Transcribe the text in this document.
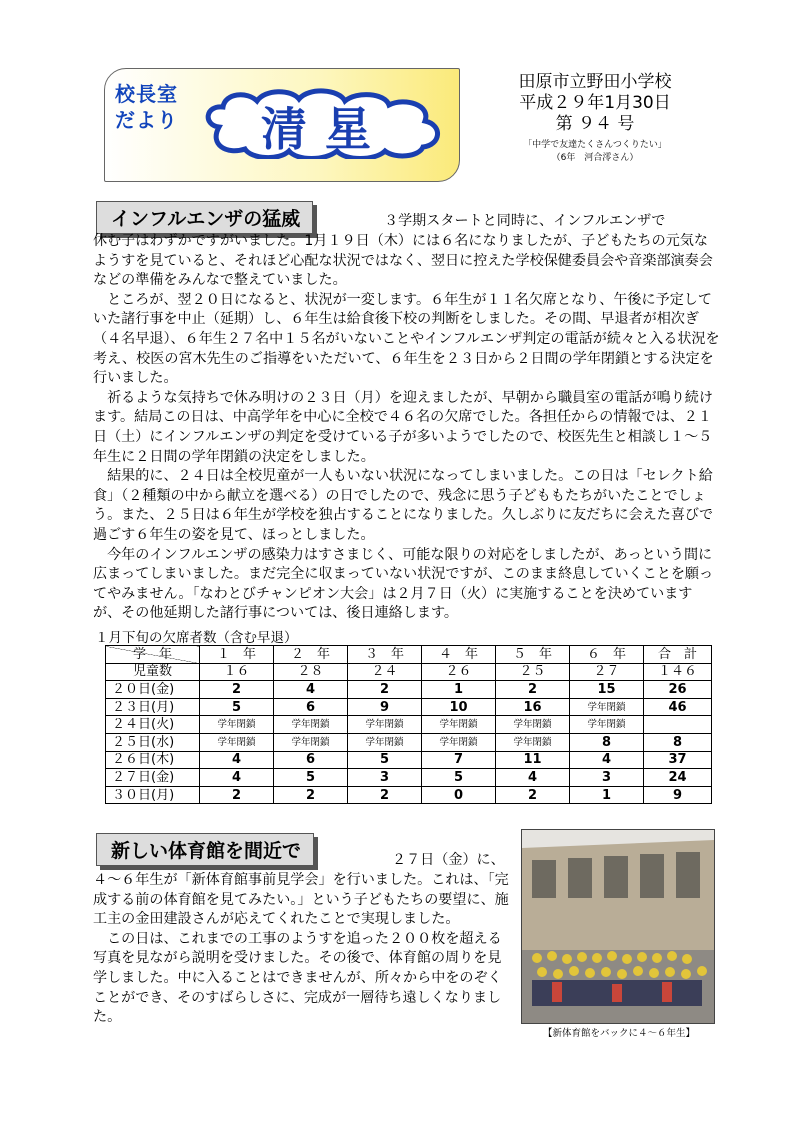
校長室だより	清星
田原市立野田小学校
平成２９年1月30日
第 ９４ 号
「中学で友達たくさんつくりたい」
（6年　河合澪さん）
インフルエンザの猛威	３学期スタートと同時に、インフルエンザで

休む子はわずかですがいました。1月１９日（木）には６名になりましたが、子どもたちの元気なようすを見ていると、それほど心配な状況ではなく、翌日に控えた学校保健委員会や音楽部演奏会などの準備をみんなで整えていました。

ところが、翌２０日になると、状況が一変します。６年生が１１名欠席となり、午後に予定していた諸行事を中止（延期）し、６年生は給食後下校の判断をしました。その間、早退者が相次ぎ（４名早退）、６年生２７名中１５名がいないことやインフルエンザ判定の電話が続々と入る状況を考え、校医の宮木先生のご指導をいただいて、６年生を２３日から２日間の学年閉鎖とする決定を行いました。

祈るような気持ちで休み明けの２３日（月）を迎えましたが、早朝から職員室の電話が鳴り続けます。結局この日は、中高学年を中心に全校で４６名の欠席でした。各担任からの情報では、２１日（土）にインフルエンザの判定を受けている子が多いようでしたので、校医先生と相談し１～５年生に２日間の学年閉鎖の決定をしました。

結果的に、２４日は全校児童が一人もいない状況になってしまいました。この日は「セレクト給食」（２種類の中から献立を選べる）の日でしたので、残念に思う子どももたちがいたことでしょう。また、２５日は６年生が学校を独占することになりました。久しぶりに友だちに会えた喜びで過ごす６年生の姿を見て、ほっとしました。

今年のインフルエンザの感染力はすさまじく、可能な限りの対応をしましたが、あっという間に広まってしまいました。まだ完全に収まっていない状況ですが、このまま終息していくことを願ってやみません。「なわとびチャンピオン大会」は２月７日（火）に実施することを決めていますが、その他延期した諸行事については、後日連絡します。

１月下旬の欠席者数（含む早退）
学　年	１　年	２　年	３　年	４　年	５　年	６　年	合　計
児童数	１６	２８	２４	２６	２５	２７	１４６
２０日(金)	2	4	2	1	2	15	26
２３日(月)	5	6	9	10	16	学年閉鎖	46
２４日(火)	学年閉鎖	学年閉鎖	学年閉鎖	学年閉鎖	学年閉鎖	学年閉鎖	
２５日(水)	学年閉鎖	学年閉鎖	学年閉鎖	学年閉鎖	学年閉鎖	8	8
２６日(木)	4	6	5	7	11	4	37
２７日(金)	4	5	3	5	4	3	24
３０日(月)	2	2	2	0	2	1	9
新しい体育館を間近で	２７日（金）に、

４～６年生が「新体育館事前見学会」を行いました。これは、「完成する前の体育館を見てみたい。」という子どもたちの要望に、施工主の金田建設さんが応えてくれたことで実現しました。

この日は、これまでの工事のようすを追った２００枚を超える写真を見ながら説明を受けました。その後で、体育館の周りを見学しました。中に入ることはできませんが、所々から中をのぞくことができ、そのすばらしさに、完成が一層待ち遠しくなりました。

【新体育館をバックに４～６年生】
